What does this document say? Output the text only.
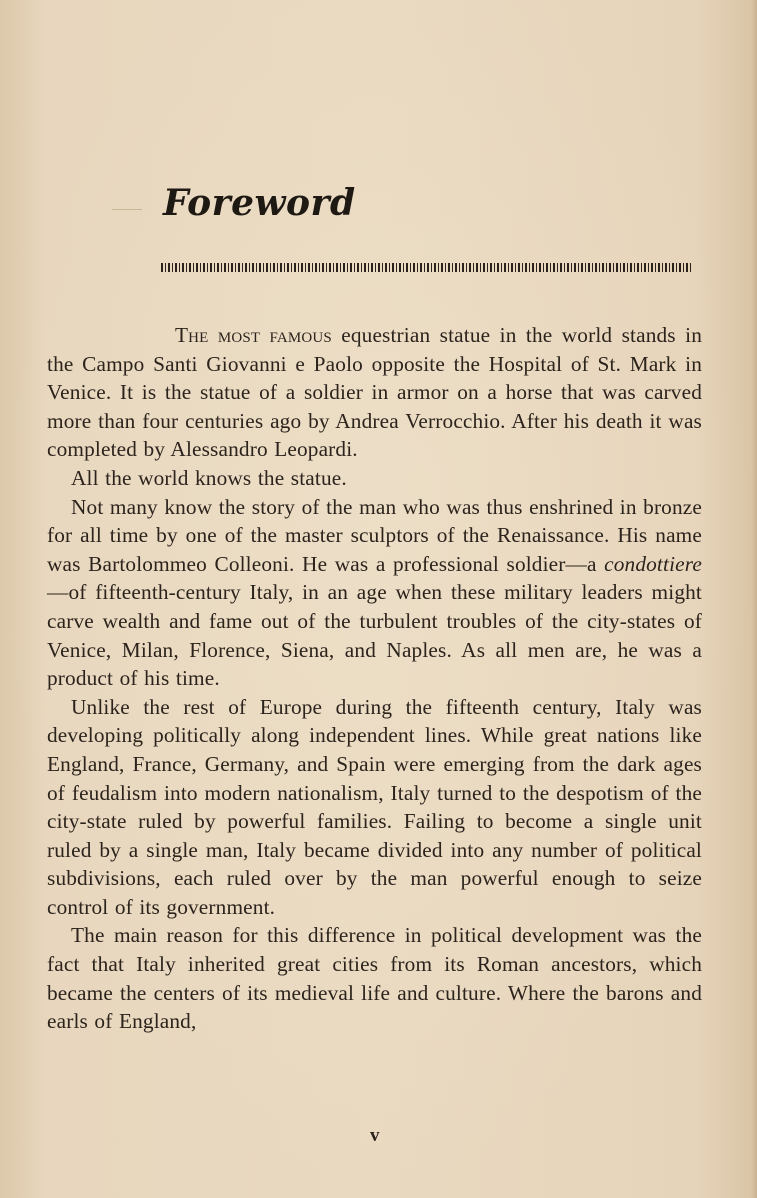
Foreword

The most famous equestrian statue in the world stands in the Campo Santi Giovanni e Paolo opposite the Hospital of St. Mark in Venice. It is the statue of a soldier in armor on a horse that was carved more than four centuries ago by Andrea Verrocchio. After his death it was completed by Alessandro Leopardi.

All the world knows the statue.

Not many know the story of the man who was thus enshrined in bronze for all time by one of the master sculptors of the Renaissance. His name was Bartolommeo Colleoni. He was a professional soldier—a condottiere—of fifteenth-century Italy, in an age when these military leaders might carve wealth and fame out of the turbulent troubles of the city-states of Venice, Milan, Florence, Siena, and Naples. As all men are, he was a product of his time.

Unlike the rest of Europe during the fifteenth century, Italy was developing politically along independent lines. While great nations like England, France, Germany, and Spain were emerging from the dark ages of feudalism into modern nationalism, Italy turned to the despotism of the city-state ruled by powerful families. Failing to become a single unit ruled by a single man, Italy became divided into any number of political subdivisions, each ruled over by the man powerful enough to seize control of its government.

The main reason for this difference in political development was the fact that Italy inherited great cities from its Roman ancestors, which became the centers of its medieval life and culture. Where the barons and earls of England,

v
